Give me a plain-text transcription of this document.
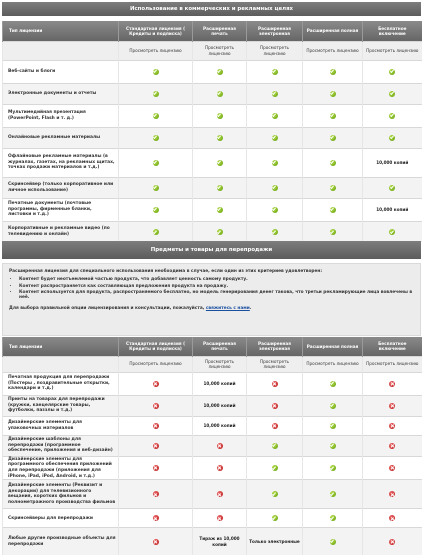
Использование в коммерческих и рекламных целях
Тип лицензии	Стандартная лицензия ( Кредиты и подписка)	Расширенная печать	Расширенная электронная	Расширенная полная	Бесплатное включение
	Просмотреть лицензию	Просмотреть лицензию	Просмотреть лицензию	Просмотреть лицензию	Просмотреть лицензию
Веб-сайты и блоги					
Электронные документы и отчеты					
Мультимедийная презентация (PowerPoint, Flash и т. д.)					
Онлайновые рекламные материалы					
Офлайновые рекламные материалы (в журналах, газетах, на рекламных щитах, точках продажи материалов и т.д.)					10,000 копий
Скринсейвер (только корпоративное или личное использование)					
Печатные документы (почтовые программы, фирменные бланки, листовки и т.д.)					10,000 копий
Корпоративные и рекламные видео (по телевидению и онлайн)					
Предметы и товары для перепродажи

Расширенная лицензия для специального использования необходима в случае, если один из этих критериев удовлетворен:

• Контент будет неотъемлемой частью продукта, что добавляет ценность самому продукту.
• Контент распространяется как составляющая предложения продукта на продажу.
• Контент используется для продукта, распространяемого бесплатно, но модель генерирования денег такова, что третьи рекламирующие лица вовлечены в неё.

Для выбора правильной опции лицензирования и консультации, пожалуйста, свяжитесь с нами.

Тип лицензии	Стандартная лицензия ( Кредиты и подписка)	Расширенная печать	Расширенная электронная	Расширенная полная	Бесплатное включение
	Просмотреть лицензию	Просмотреть лицензию	Просмотреть лицензию	Просмотреть лицензию	Просмотреть лицензию
Печатная продукция для перепродажи (Постеры , поздравительные открытки, календари и т.д.)		10,000 копий			
Принты на товарах для перепродажи (кружки, канцелярские товары, футболки, паззлы и т.д.)		10,000 копий			
Дизайнерские элементы для упаковочных материалов		10,000 копий			
Дизайнерские шаблоны для перепродажи (программное обеспечение, приложения и веб-дизайн)					
Дизайнерские элементы для программного обеспечения приложений для перепродажи (приложения для iPhone, iPad, iPod, Android, и т.д.)					
Дизайнерские элементы (Реквизит и декорации) для телевизионного вещания, коротких фильмов и полнометражного производства фильмов					
Скринсейверы для перепродажи					
Любые другие производные объекты для перепродажи		Тираж из 10,000 копий	Только электронные		
